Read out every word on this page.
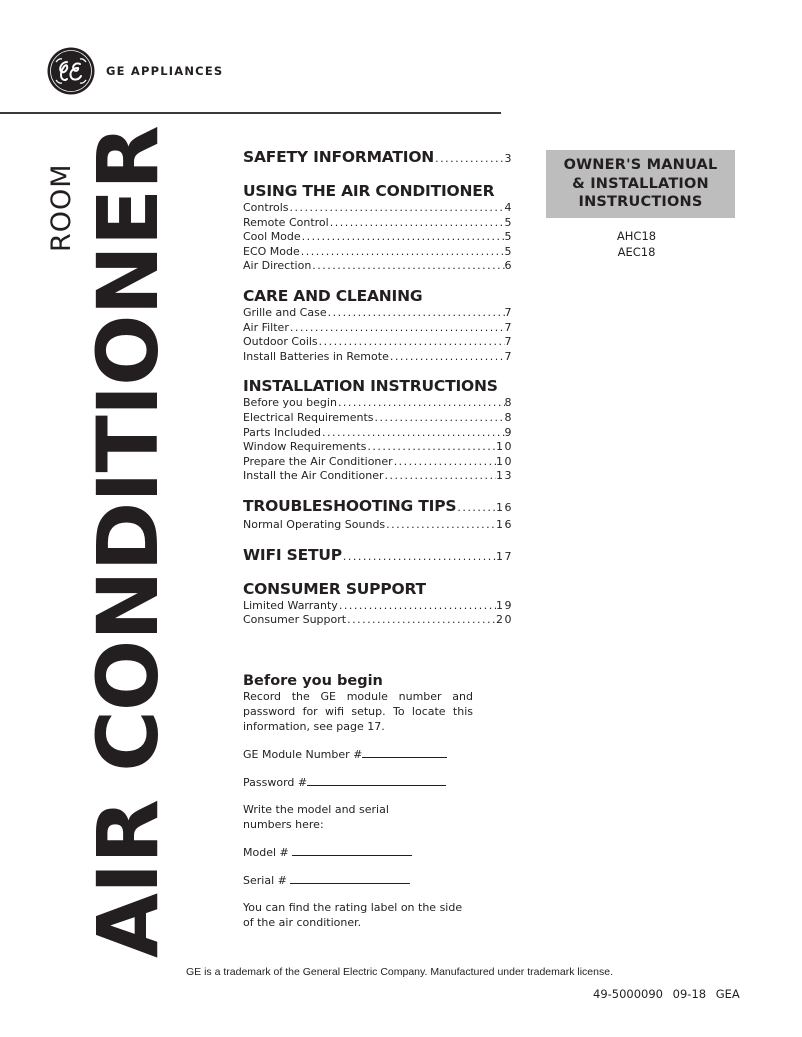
GE APPLIANCES
ROOM AIR CONDITIONER	SAFETY INFORMATION .....	3
USING THE AIR CONDITIONER
Controls .....	4
Remote Control .....	5
Cool Mode .....	5
ECO Mode .....	5
Air Direction .....	6
CARE AND CLEANING
Grille and Case .....	7
Air Filter .....	7
Outdoor Coils .....	7
Install Batteries in Remote .....	7
INSTALLATION INSTRUCTIONS
Before you begin .....	8
Electrical Requirements .....	8
Parts Included .....	9
Window Requirements .....	10
Prepare the Air Conditioner .....	10
Install the Air Conditioner .....	13
TROUBLESHOOTING TIPS .....	16
Normal Operating Sounds .....	16
WIFI SETUP .....	17
CONSUMER SUPPORT
Limited Warranty .....	19
Consumer Support .....	20
OWNER'S MANUAL
& INSTALLATION
INSTRUCTIONS
AHC18
AEC18
Before you begin

Record the GE module number and password for wifi setup. To locate this information, see page 17.

GE Module Number #

Password #

Write the model and serial numbers here:

Model #

Serial #

You can find the rating label on the side of the air conditioner.

GE is a trademark of the General Electric Company. Manufactured under trademark license.
49-5000090 09-18 GEA
